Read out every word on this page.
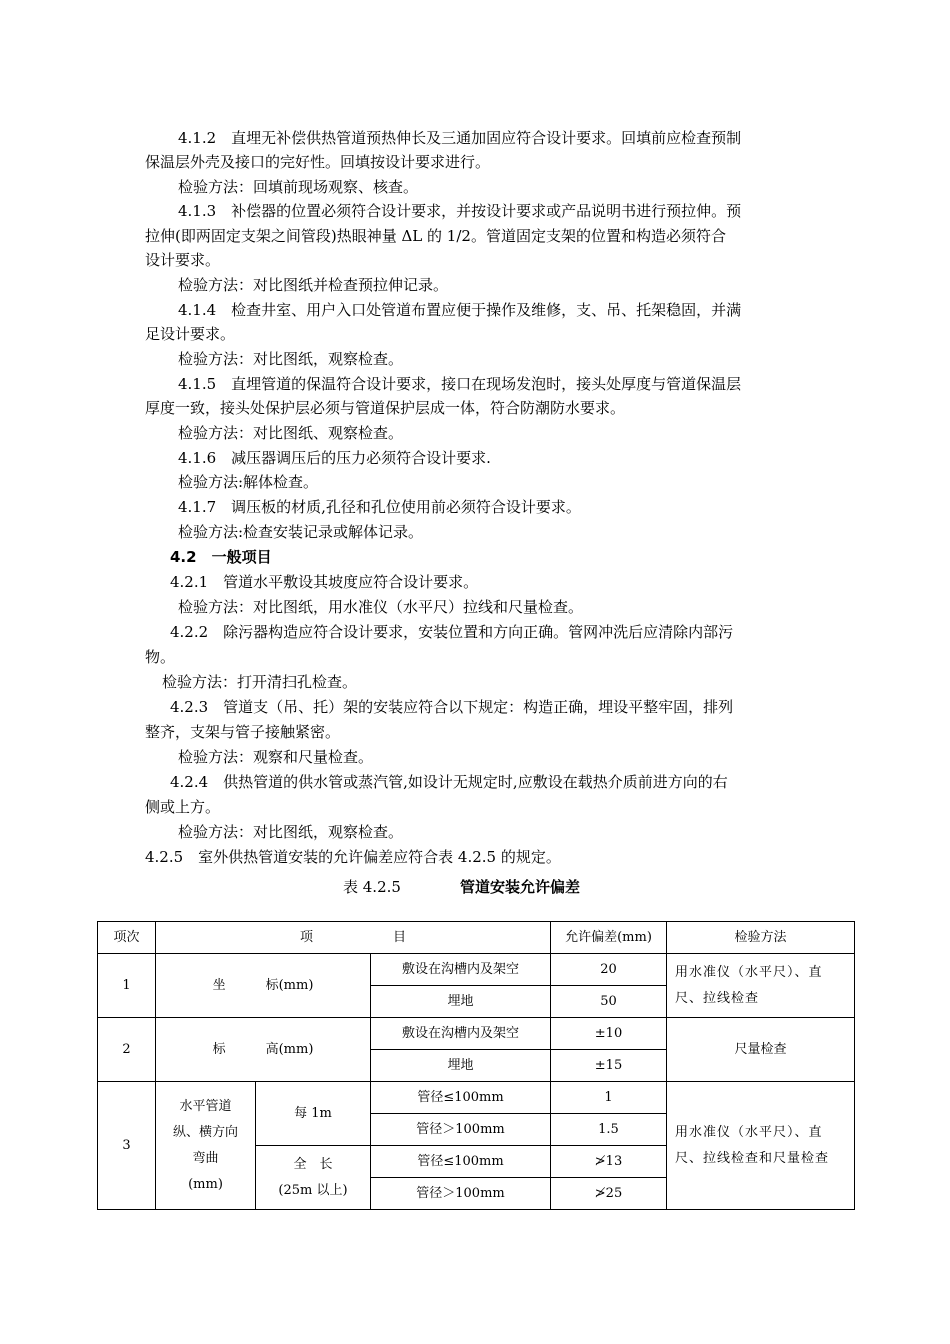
4.1.2　直埋无补偿供热管道预热伸长及三通加固应符合设计要求。回填前应检查预制
保温层外壳及接口的完好性。回填按设计要求进行。
检验方法：回填前现场观察、核查。
4.1.3　补偿器的位置必须符合设计要求，并按设计要求或产品说明书进行预拉伸。预
拉伸(即两固定支架之间管段)热眼神量 ΔL 的 1/2。管道固定支架的位置和构造必须符合
设计要求。
检验方法：对比图纸并检查预拉伸记录。
4.1.4　检查井室、用户入口处管道布置应便于操作及维修，支、吊、托架稳固，并满
足设计要求。
检验方法：对比图纸，观察检查。
4.1.5　直埋管道的保温符合设计要求，接口在现场发泡时，接头处厚度与管道保温层
厚度一致，接头处保护层必须与管道保护层成一体，符合防潮防水要求。
检验方法：对比图纸、观察检查。
4.1.6　减压器调压后的压力必须符合设计要求.
检验方法:解体检查。
4.1.7　调压板的材质,孔径和孔位使用前必须符合设计要求。
检验方法:检查安装记录或解体记录。
4.2　一般项目
4.2.1　管道水平敷设其坡度应符合设计要求。
检验方法：对比图纸，用水准仪（水平尺）拉线和尺量检查。
4.2.2　除污器构造应符合设计要求，安装位置和方向正确。管网冲洗后应清除内部污
物。
检验方法：打开清扫孔检查。
4.2.3　管道支（吊、托）架的安装应符合以下规定：构造正确，埋设平整牢固，排列
整齐，支架与管子接触紧密。
检验方法：观察和尺量检查。
4.2.4　供热管道的供水管或蒸汽管,如设计无规定时,应敷设在载热介质前进方向的右
侧或上方。
检验方法：对比图纸，观察检查。
4.2.5　室外供热管道安装的允许偏差应符合表 4.2.5 的规定。
表 4.2.5	管道安装允许偏差
项次	项 目			允许偏差(mm)	检验方法
1	坐 标(mm)		敷设在沟槽内及架空	20	用水准仪（水平尺）、直尺、拉线检查
			埋地	50	
2	标 高(mm)		敷设在沟槽内及架空	±10	尺量检查
			埋地	±15	
3	水平管道
纵、横方向
弯曲
(mm)	每 1m	管径≤100mm	1	用水准仪（水平尺）、直尺、拉线检查和尺量检查
			管径＞100mm	1.5	

		全　长
(25m 以上)	管径≤100mm	≯13	
			管径＞100mm	≯25	
